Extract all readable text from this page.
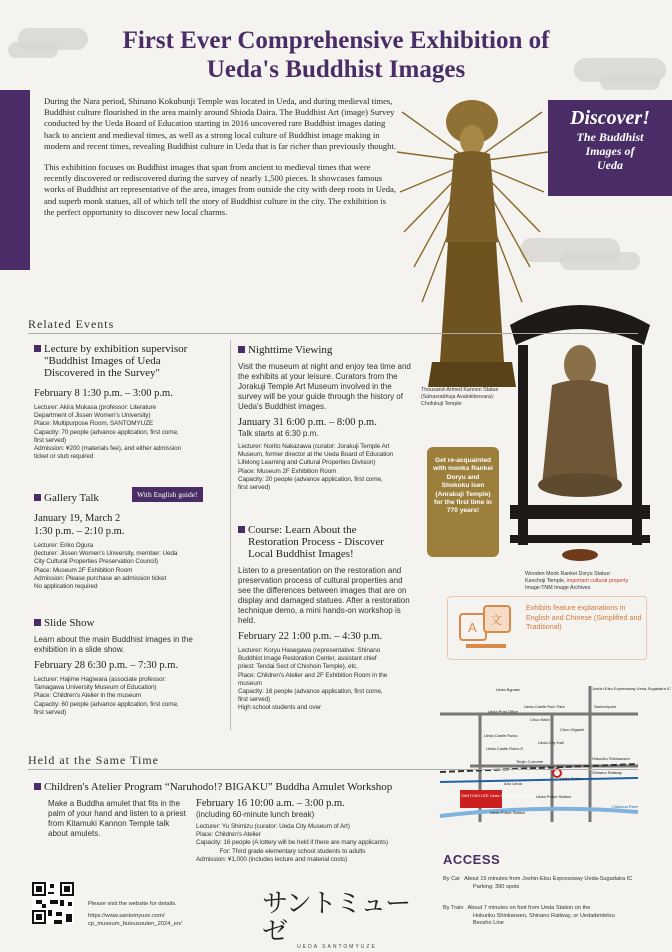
First Ever Comprehensive Exhibition of
Ueda's Buddhist Images

During the Nara period, Shinano Kokubunji Temple was located in Ueda, and during medieval times, Buddhist culture flourished in the area mainly around Shioda Daira. The Buddhist Art (image) Survey conducted by the Ueda Board of Education starting in 2016 uncovered rare Buddhist images dating back to ancient and medieval times, as well as a strong local culture of Buddhist image making in modern and recent times, revealing Buddhist culture in Ueda that is far richer than previously thought.

This exhibition focuses on Buddhist images that span from ancient to medieval times that were recently discovered or rediscovered during the survey of nearly 1,500 pieces. It showcases famous works of Buddhist art representative of the area, images from outside the city with deep roots in Ueda, and superb monk statues, all of which tell the story of Buddhist culture in the city. The exhibition is the perfect opportunity to discover new local charms.

Discover!
The Buddhist
Images of
Ueda
Thousand-Armed Kannon Statue
(Sahasrabhuja Avalokitesvara):
Chofukuji Temple
Get re-acquainted with monks Rankei Doryu and Shokoku Isen (Anrakuji Temple) for the first time in 770 years!
Wooden Monk Rankei Doryu Statue:
Kanchoji Temple, important cultural property
Image:TNM Image Archives
Related Events
Lecture by exhibition supervisor
"Buddhist Images of Ueda
Discovered in the Survey"
February 8 1:30 p.m. – 3:00 p.m.
Lecturer: Akira Mukasa (professor: Literature
Department of Jissen Women's University)
Place: Multipurpose Room, SANTOMYUZE
Capacity: 70 people (advance application, first come,
first served)
Admission: ¥200 (materials fee), and either admission
ticket or stub required
Gallery Talk
January 19, March 2
1:30 p.m. – 2:10 p.m.
Lecturer: Eriko Ogura
(lecturer: Jissen Women's University, member: Ueda
City Cultural Properties Preservation Council)
Place: Museum 2F Exhibition Room
Admission: Please purchase an admission ticket
No application required
With English guide!
Slide Show
Learn about the main Buddhist images in the exhibition in a slide show.
February 28 6:30 p.m. – 7:30 p.m.
Lecturer: Hajime Hagiwara (associate professor:
Tamagawa University Museum of Education)
Place: Children's Atelier in the museum
Capacity: 60 people (advance application, first come,
first served)
Nighttime Viewing
Visit the museum at night and enjoy tea time and the exhibits at your leisure. Curators from the Jorakuji Temple Art Museum involved in the survey will be your guide through the history of Ueda's Buddhist images.
January 31 6:00 p.m. – 8:00 p.m.
Talk starts at 6:30 p.m.
Lecturer: Norito Nakazawa (curator: Jorakuji Temple Art
Museum, former director at the Ueda Board of Education
Lifelong Learning and Cultural Properties Division)
Place: Museum 2F Exhibition Room
Capacity: 20 people (advance application, first come,
first served)
Course: Learn About the
Restoration Process - Discover
Local Buddhist Images!
Listen to a presentation on the restoration and preservation process of cultural properties and see the differences between images that are on display and damaged statues. After a restoration technique demo, a mini hands-on workshop is held.
February 22 1:00 p.m. – 4:30 p.m.
Lecturer: Koryu Hasegawa (representative: Shinano
Buddhist Image Restoration Center, assistant chief
priest: Tendai Sect of Chishoin Temple), etc.
Place: Children's Atelier and 2F Exhibition Room in the
museum
Capacity: 16 people (advance application, first come,
first served)
High school students and over
A 文
Exhibits feature explanations in English and Chinese (Simplified and Traditional)
Ueda Bypass	Joshin-Etsu Expressway Ueda-Sugadaira IC
Ueda Post Office
Ueda Castle Ruin Park
Chuo Nishi
Chuo Higashi
Santomyuze
Ueda Castle Ruins
Ueda Castle Ruins E
Ueda City Hall
Tenjin 2-chome
Hokuriku Shinkansen
Ueda Station
Shinano Railway
SANTOMYUZE Ueda City Museum of Art
Ario Ueda
Ueda Police Station
Ueda Police Station
Chikuma River
ACCESS
By Car About 15 minutes from Joshin-Etsu Expressway Ueda-Sugadaira IC
Parking: 390 spots
By Train About 7 minutes on foot from Ueda Station on the
Hokuriku Shinkansen, Shinano Railway, or Uedadentetsu
Bessho Line
Held at the Same Time
Children's Atelier Program “Naruhodo!? BIGAKU” Buddha Amulet Workshop
Make a Buddha amulet that fits in the palm of your hand and listen to a priest from Kitamuki Kannon Temple talk about amulets.
February 16 10:00 a.m. – 3:00 p.m.
(including 60-minute lunch break)
Lecturer: Yu Shimizu (curator: Ueda City Museum of Art)
Place: Children's Atelier
Capacity: 16 people (A lottery will be held if there are many applicants)
For: Third grade elementary school students to adults
Admission: ¥1,000 (includes lecture and material costs)
Please visit the website for details.
https://www.santomyuze.com/
cp_museum_butsuzouten_2024_en/
サントミューゼ	UEDA SANTOMYUZE
